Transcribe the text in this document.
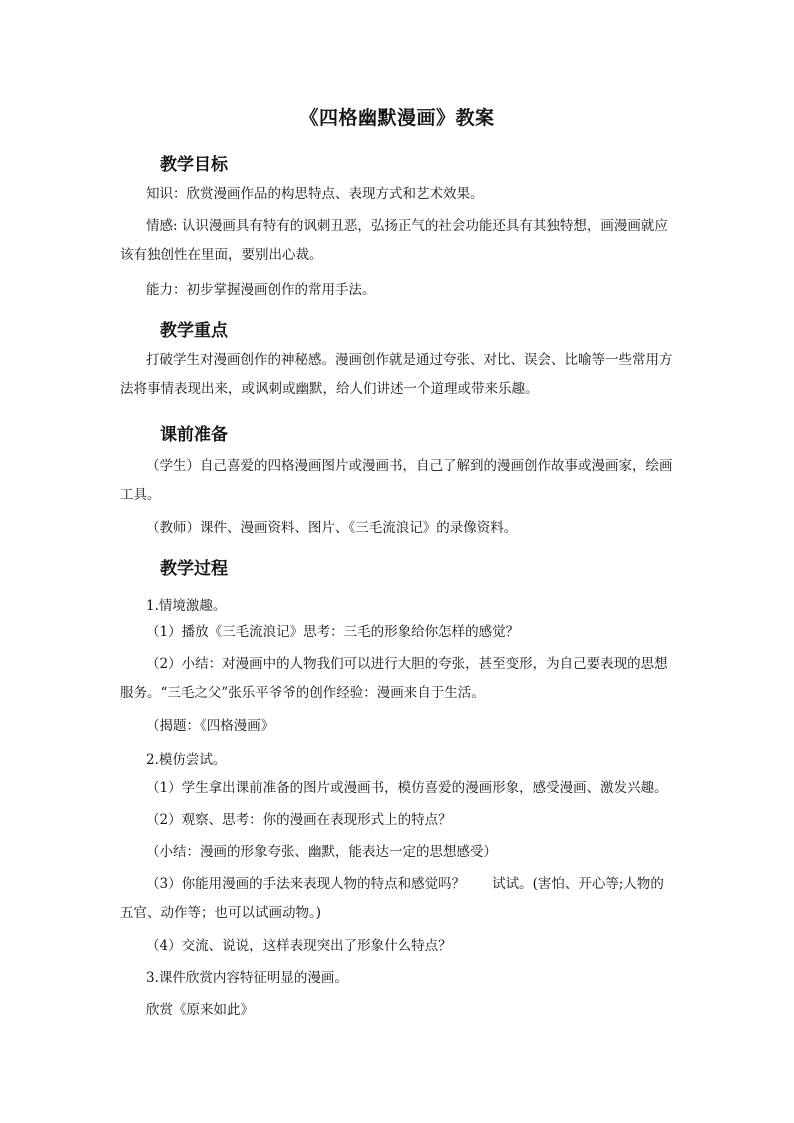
《四格幽默漫画》教案
教学目标

知识：欣赏漫画作品的构思特点、表现方式和艺术效果。

情感: 认识漫画具有特有的讽刺丑恶，弘扬正气的社会功能还具有其独特想，画漫画就应该有独创性在里面，要别出心裁。

能力：初步掌握漫画创作的常用手法。

教学重点

打破学生对漫画创作的神秘感。漫画创作就是通过夸张、对比、误会、比喻等一些常用方法将事情表现出来，或讽刺或幽默，给人们讲述一个道理或带来乐趣。

课前准备

（学生）自己喜爱的四格漫画图片或漫画书，自己了解到的漫画创作故事或漫画家，绘画工具。

（教师）课件、漫画资料、图片、《三毛流浪记》的录像资料。

教学过程
1.情境激趣。

（1）播放《三毛流浪记》思考：三毛的形象给你怎样的感觉？

（2）小结：对漫画中的人物我们可以进行大胆的夸张，甚至变形，为自己要表现的思想服务。“三毛之父”张乐平爷爷的创作经验：漫画来自于生活。

（揭题：《四格漫画》

2.模仿尝试。

（1）学生拿出课前准备的图片或漫画书，模仿喜爱的漫画形象，感受漫画、激发兴趣。

（2）观察、思考：你的漫画在表现形式上的特点？

（小结：漫画的形象夸张、幽默，能表达一定的思想感受）

（3）你能用漫画的手法来表现人物的特点和感觉吗？　　试试。(害怕、开心等;人物的五官、动作等；也可以试画动物。)

（4）交流、说说，这样表现突出了形象什么特点？

3.课件欣赏内容特征明显的漫画。
欣赏《原来如此》
